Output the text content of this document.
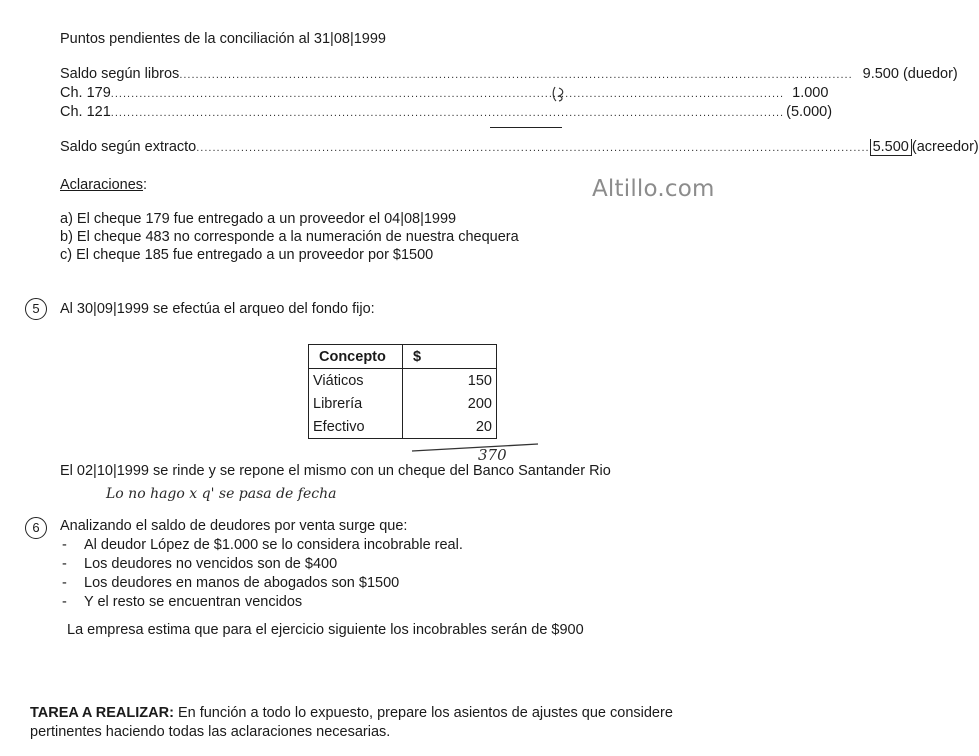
Puntos pendientes de la conciliación al 31|08|1999
Saldo según libros ...................................................................................................................................................................... 9.500 (duedor)
Ch. 179 ...................................................................................................................................................................... 1.000
Ch. 121 ...................................................................................................................................................................... (5.000)
Saldo según extracto ...................................................................................................................................................................... 5.500 (acreedor)
Aclaraciones:
a) El cheque 179 fue entregado a un proveedor el 04|08|1999
b) El cheque 483 no corresponde a la numeración de nuestra chequera
c) El cheque 185 fue entregado a un proveedor por $1500
Altillo.com
5	Al 30|09|1999 se efectúa el arqueo del fondo fijo:
Concepto	$
Viáticos	150
Librería	200
Efectivo	20
370
El 02|10|1999 se rinde y se repone el mismo con un cheque del Banco Santander Rio
Lo no hago x q' se pasa de fecha
6	Analizando el saldo de deudores por venta surge que:
- Al deudor López de $1.000 se lo considera incobrable real.
- Los deudores no vencidos son de $400
- Los deudores en manos de abogados son $1500
- Y el resto se encuentran vencidos
La empresa estima que para el ejercicio siguiente los incobrables serán de $900
TAREA A REALIZAR: En función a todo lo expuesto, prepare los asientos de ajustes que considere
pertinentes haciendo todas las aclaraciones necesarias.
